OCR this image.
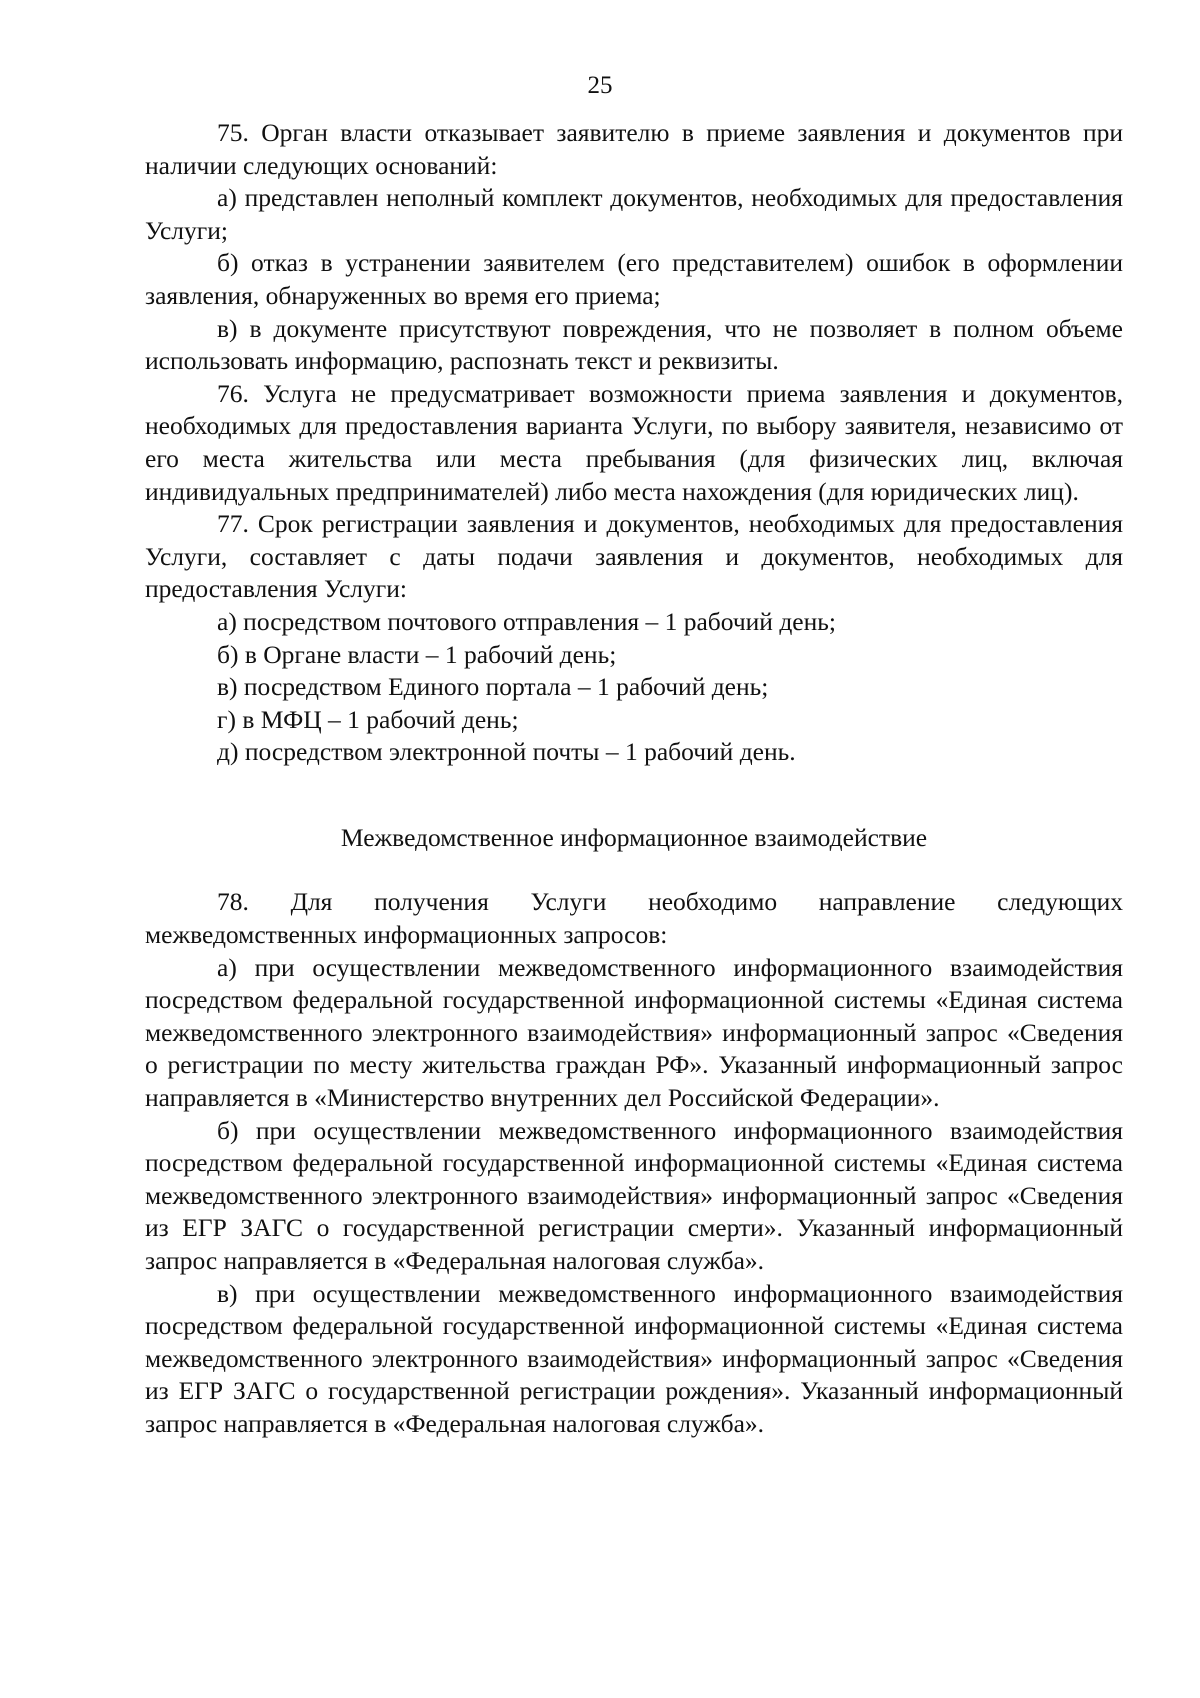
25

75. Орган власти отказывает заявителю в приеме заявления и документов при наличии следующих оснований:

а) представлен неполный комплект документов, необходимых для предоставления Услуги;

б) отказ в устранении заявителем (его представителем) ошибок в оформлении заявления, обнаруженных во время его приема;

в) в документе присутствуют повреждения, что не позволяет в полном объеме использовать информацию, распознать текст и реквизиты.

76. Услуга не предусматривает возможности приема заявления и документов, необходимых для предоставления варианта Услуги, по выбору заявителя, независимо от его места жительства или места пребывания (для физических лиц, включая индивидуальных предпринимателей) либо места нахождения (для юридических лиц).

77. Срок регистрации заявления и документов, необходимых для предоставления Услуги, составляет с даты подачи заявления и документов, необходимых для предоставления Услуги:

а) посредством почтового отправления – 1 рабочий день;

б) в Органе власти – 1 рабочий день;

в) посредством Единого портала – 1 рабочий день;

г) в МФЦ – 1 рабочий день;

д) посредством электронной почты – 1 рабочий день.

Межведомственное информационное взаимодействие

78. Для получения Услуги необходимо направление следующих межведомственных информационных запросов:

а) при осуществлении межведомственного информационного взаимодействия посредством федеральной государственной информационной системы «Единая система межведомственного электронного взаимодействия» информационный запрос «Сведения о регистрации по месту жительства граждан РФ». Указанный информационный запрос направляется в «Министерство внутренних дел Российской Федерации».

б) при осуществлении межведомственного информационного взаимодействия посредством федеральной государственной информационной системы «Единая система межведомственного электронного взаимодействия» информационный запрос «Сведения из ЕГР ЗАГС о государственной регистрации смерти». Указанный информационный запрос направляется в «Федеральная налоговая служба».

в) при осуществлении межведомственного информационного взаимодействия посредством федеральной государственной информационной системы «Единая система межведомственного электронного взаимодействия» информационный запрос «Сведения из ЕГР ЗАГС о государственной регистрации рождения». Указанный информационный запрос направляется в «Федеральная налоговая служба».
